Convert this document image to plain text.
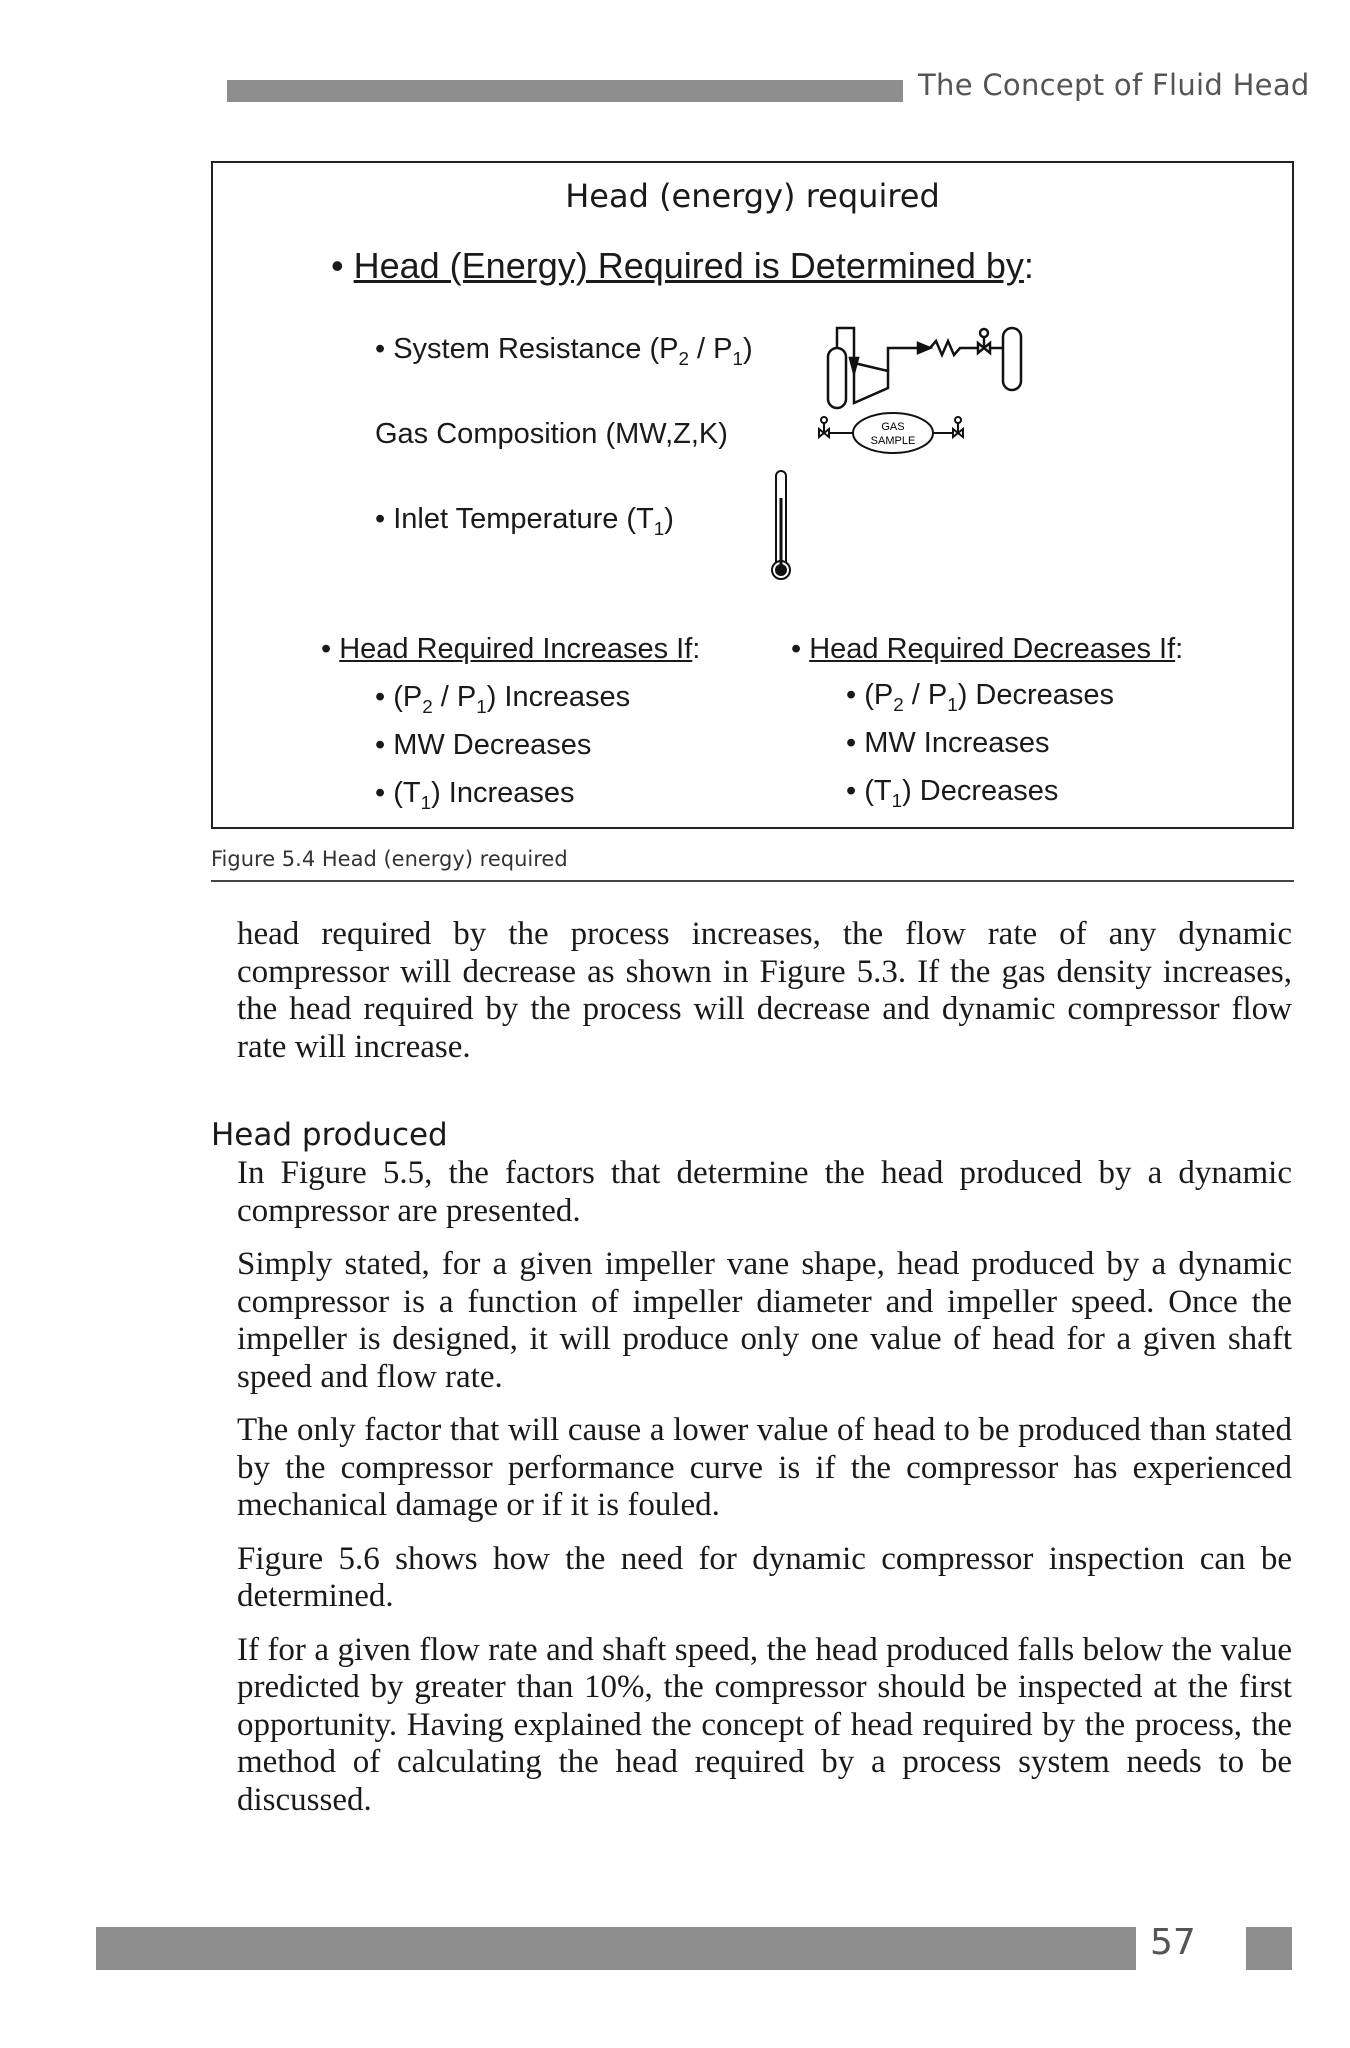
The Concept of Fluid Head
Head (energy) required
• Head (Energy) Required is Determined by:
• System Resistance $(P_2 / P_1)$
Gas Composition (MW,Z,K)	GAS
SAMPLE
• Inlet Temperature $(T_1)$
• Head Required Increases If:
• $(P_2 / P_1)$ Increases
• MW Decreases
• $(T_1)$ Increases
• Head Required Decreases If:
• $(P_2 / P_1)$ Decreases
• MW Increases
• $(T_1)$ Decreases
Figure 5.4 Head (energy) required

head required by the process increases, the flow rate of any dynamic compressor will decrease as shown in Figure 5.3. If the gas density increases, the head required by the process will decrease and dynamic compressor flow rate will increase.

Head produced

In Figure 5.5, the factors that determine the head produced by a dynamic compressor are presented.

Simply stated, for a given impeller vane shape, head produced by a dynamic compressor is a function of impeller diameter and impeller speed. Once the impeller is designed, it will produce only one value of head for a given shaft speed and flow rate.

The only factor that will cause a lower value of head to be produced than stated by the compressor performance curve is if the compressor has experienced mechanical damage or if it is fouled.

Figure 5.6 shows how the need for dynamic compressor inspection can be determined.

If for a given flow rate and shaft speed, the head produced falls below the value predicted by greater than 10%, the compressor should be inspected at the first opportunity. Having explained the concept of head required by the process, the method of calculating the head required by a process system needs to be discussed.

57
